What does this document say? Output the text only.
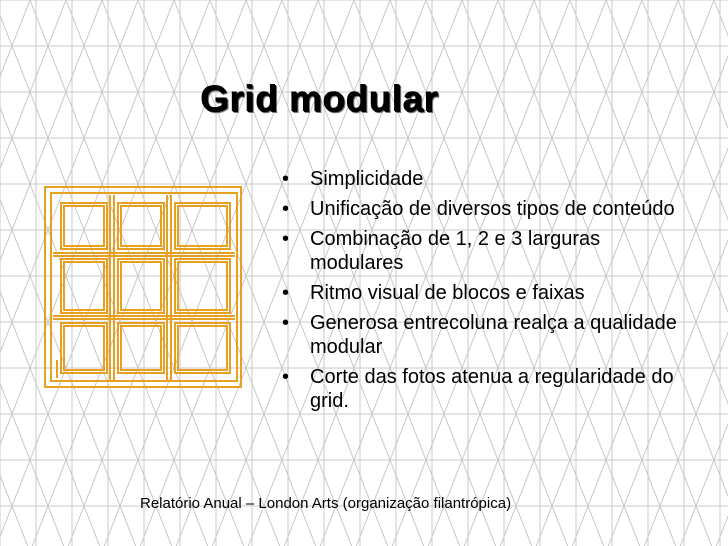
Grid modular
• Simplicidade
• Unificação de diversos tipos de conteúdo
• Combinação de 1, 2 e 3 larguras modulares
• Ritmo visual de blocos e faixas
• Generosa entrecoluna realça a qualidade modular
• Corte das fotos atenua a regularidade do grid.
Relatório Anual – London Arts (organização filantrópica)
